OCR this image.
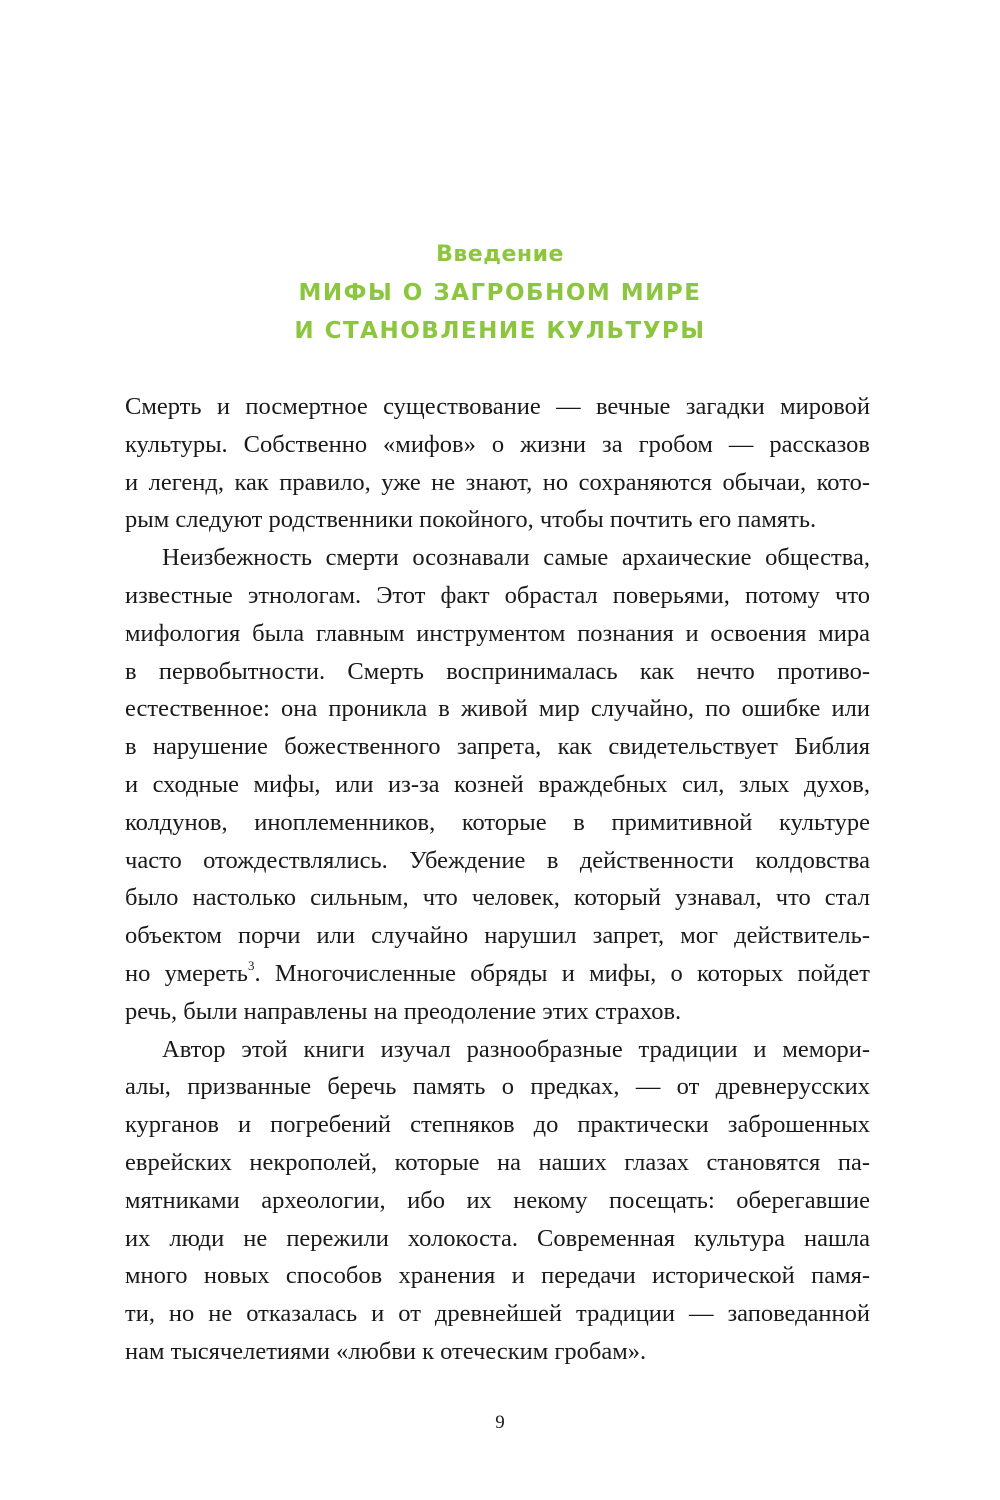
Введение
МИФЫ О ЗАГРОБНОМ МИРЕ
И СТАНОВЛЕНИЕ КУЛЬТУРЫ
Смерть и посмертное существование — вечные загадки мировой
культуры. Собственно «мифов» о жизни за гробом — рассказов
и легенд, как правило, уже не знают, но сохраняются обычаи, кото-
рым следуют родственники покойного, чтобы почтить его память.
Неизбежность смерти осознавали самые архаические общества,
известные этнологам. Этот факт обрастал поверьями, потому что
мифология была главным инструментом познания и освоения мира
в первобытности. Смерть воспринималась как нечто противо-
естественное: она проникла в живой мир случайно, по ошибке или
в нарушение божественного запрета, как свидетельствует Библия
и сходные мифы, или из-за козней враждебных сил, злых духов,
колдунов, иноплеменников, которые в примитивной культуре
часто отождествлялись. Убеждение в действенности колдовства
было настолько сильным, что человек, который узнавал, что стал
объектом порчи или случайно нарушил запрет, мог действитель-
но умереть$^3$. Многочисленные обряды и мифы, о которых пойдет
речь, были направлены на преодоление этих страхов.
Автор этой книги изучал разнообразные традиции и мемори-
алы, призванные беречь память о предках, — от древнерусских
курганов и погребений степняков до практически заброшенных
еврейских некрополей, которые на наших глазах становятся па-
мятниками археологии, ибо их некому посещать: оберегавшие
их люди не пережили холокоста. Современная культура нашла
много новых способов хранения и передачи исторической памя-
ти, но не отказалась и от древнейшей традиции — заповеданной
нам тысячелетиями «любви к отеческим гробам».
9
